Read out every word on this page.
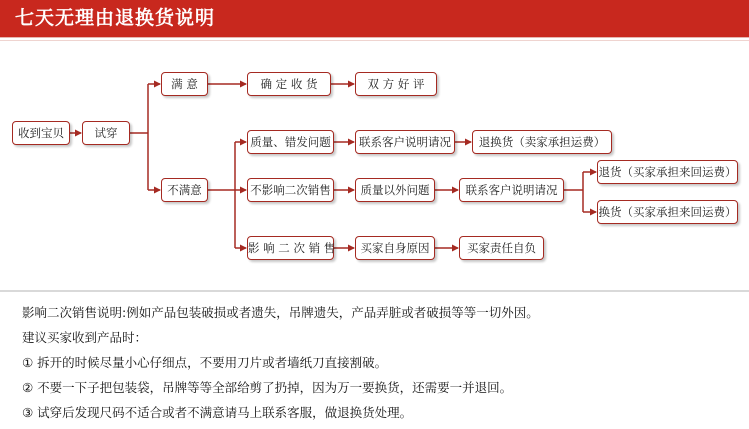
七天无理由退换货说明
收到宝贝	试穿
满 意	确 定 收 货	双 方 好 评
不满意
质量、错发问题	联系客户说明请况	退换货（卖家承担运费）
不影响二次销售	质量以外问题	联系客户说明请况
退货（买家承担来回运费）
换货（买家承担来回运费）
影 响 二 次 销 售	买家自身原因	买家责任自负
影响二次销售说明:例如产品包装破损或者遗失，吊牌遗失，产品弄脏或者破损等等一切外因。
建议买家收到产品时：
① 拆开的时候尽量小心仔细点，不要用刀片或者墙纸刀直接割破。
② 不要一下子把包装袋，吊牌等等全部给剪了扔掉，因为万一要换货，还需要一并退回。
③ 试穿后发现尺码不适合或者不满意请马上联系客服，做退换货处理。
